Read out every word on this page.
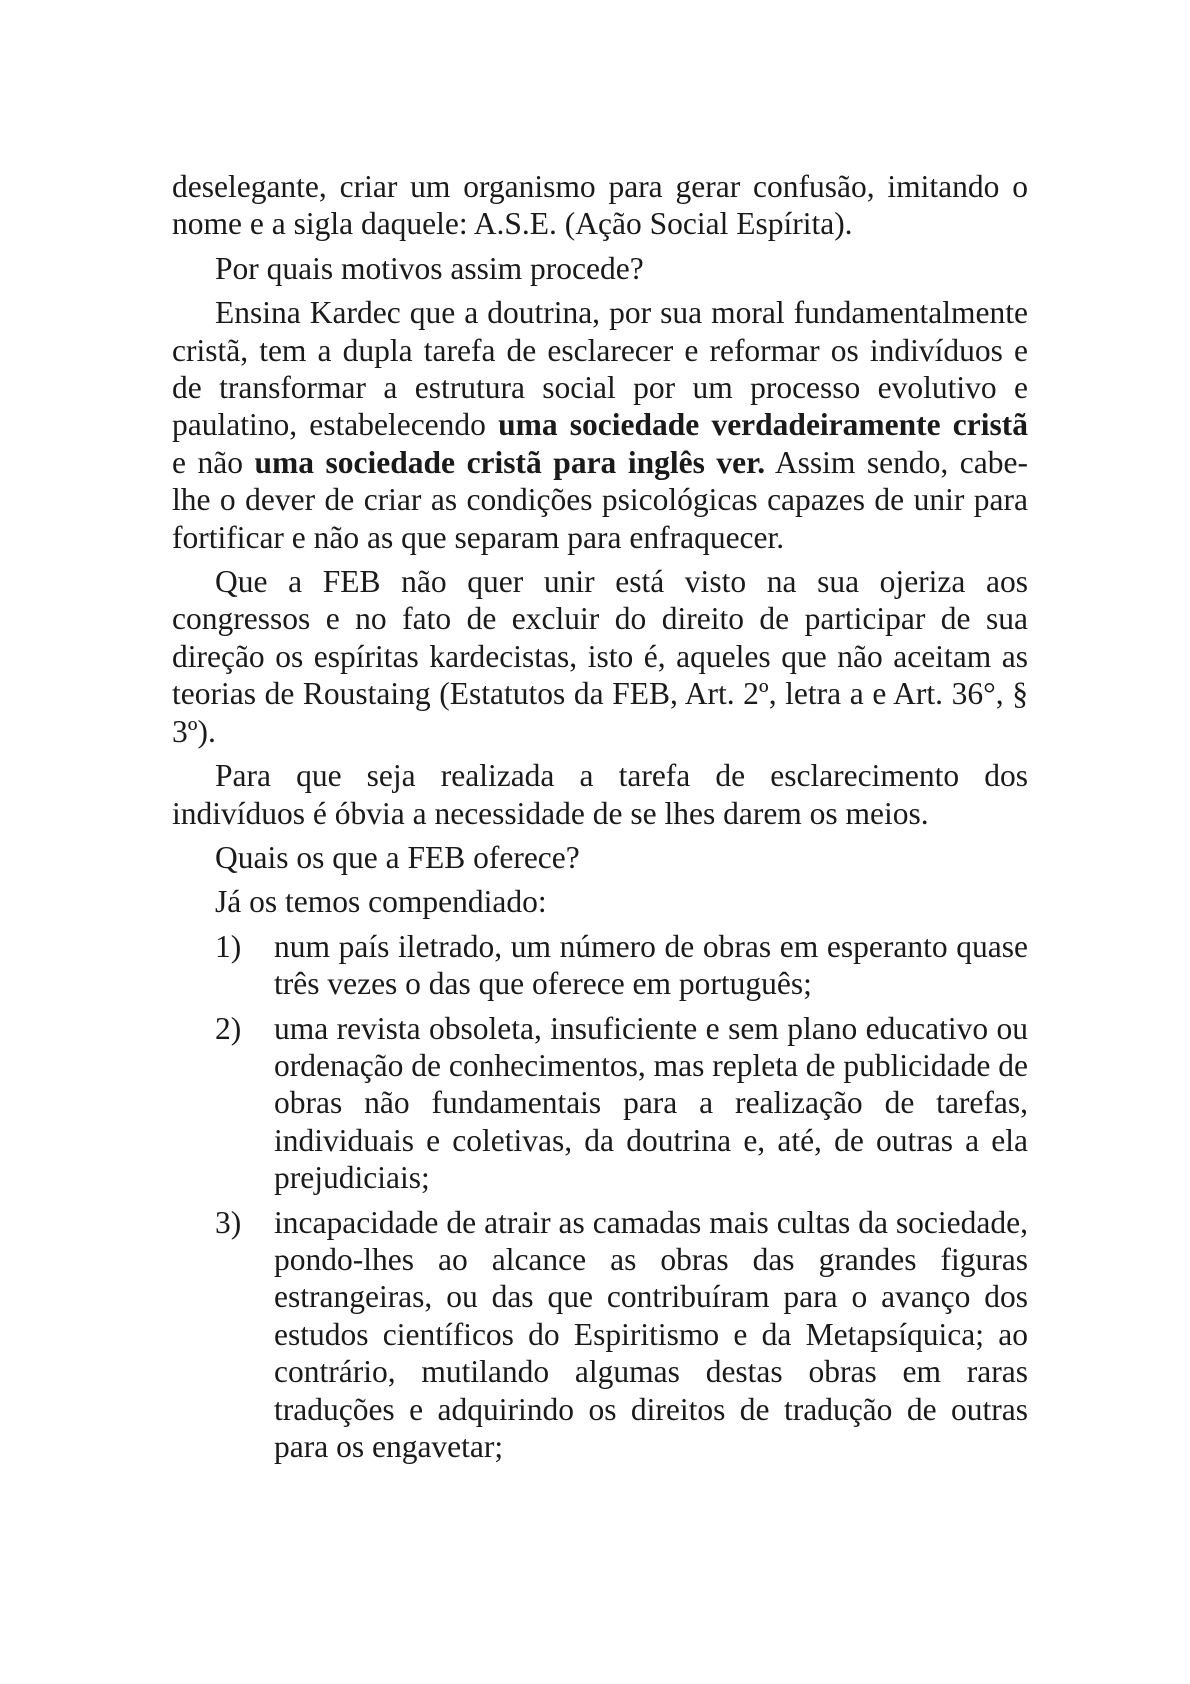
deselegante, criar um organismo para gerar confusão, imitando o nome e a sigla daquele: A.S.E. (Ação Social Espírita).

Por quais motivos assim procede?

Ensina Kardec que a doutrina, por sua moral fundamentalmente cristã, tem a dupla tarefa de esclarecer e reformar os indivíduos e de transformar a estrutura social por um processo evolutivo e paulatino, estabelecendo uma sociedade verdadeiramente cristã e não uma sociedade cristã para inglês ver. Assim sendo, cabe-lhe o dever de criar as condições psicológicas capazes de unir para fortificar e não as que separam para enfraquecer.

Que a FEB não quer unir está visto na sua ojeriza aos congressos e no fato de excluir do direito de participar de sua direção os espíritas kardecistas, isto é, aqueles que não aceitam as teorias de Roustaing (Estatutos da FEB, Art. 2º, letra a e Art. 36°, § 3º).

Para que seja realizada a tarefa de esclarecimento dos indivíduos é óbvia a necessidade de se lhes darem os meios.

Quais os que a FEB oferece?

Já os temos compendiado:

1) num país iletrado, um número de obras em esperanto quase três vezes o das que oferece em português;
2) uma revista obsoleta, insuficiente e sem plano educativo ou ordenação de conhecimentos, mas repleta de publicidade de obras não fundamentais para a realização de tarefas, individuais e coletivas, da doutrina e, até, de outras a ela prejudiciais;
3) incapacidade de atrair as camadas mais cultas da sociedade, pondo-lhes ao alcance as obras das grandes figuras estrangeiras, ou das que contribuíram para o avanço dos estudos científicos do Espiritismo e da Metapsíquica; ao contrário, mutilando algumas destas obras em raras traduções e adquirindo os direitos de tradução de outras para os engavetar;
